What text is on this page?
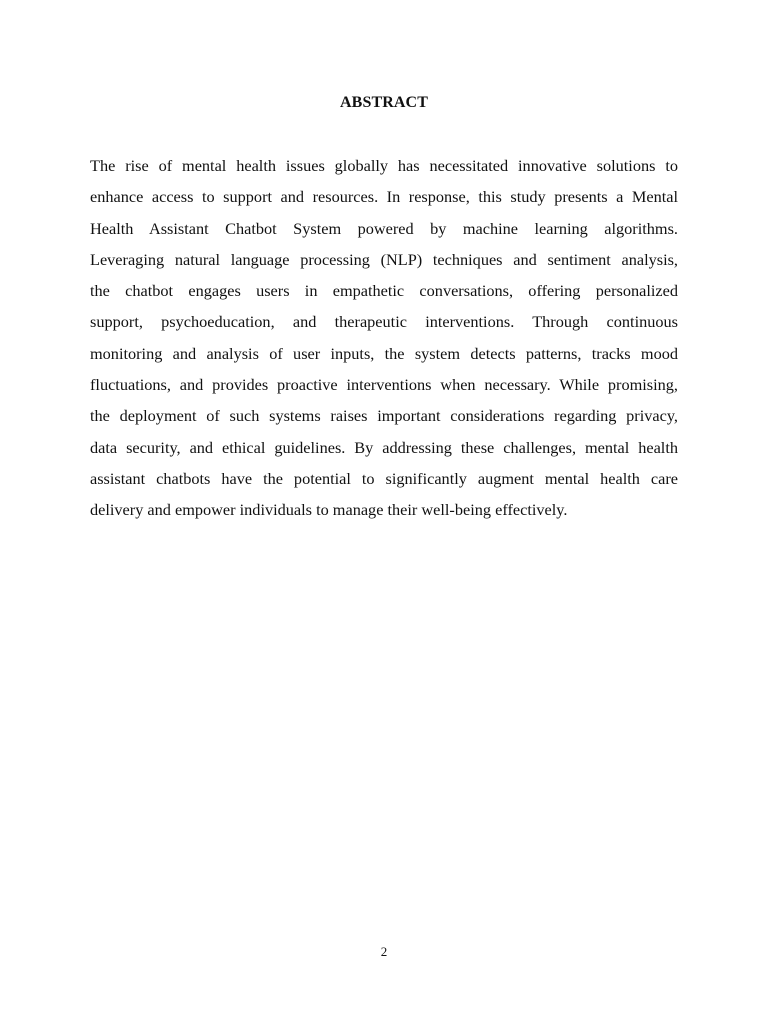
ABSTRACT
The rise of mental health issues globally has necessitated innovative solutions to
enhance access to support and resources. In response, this study presents a Mental
Health Assistant Chatbot System powered by machine learning algorithms.
Leveraging natural language processing (NLP) techniques and sentiment analysis,
the chatbot engages users in empathetic conversations, offering personalized
support, psychoeducation, and therapeutic interventions. Through continuous
monitoring and analysis of user inputs, the system detects patterns, tracks mood
fluctuations, and provides proactive interventions when necessary. While promising,
the deployment of such systems raises important considerations regarding privacy,
data security, and ethical guidelines. By addressing these challenges, mental health
assistant chatbots have the potential to significantly augment mental health care
delivery and empower individuals to manage their well-being effectively.
2
